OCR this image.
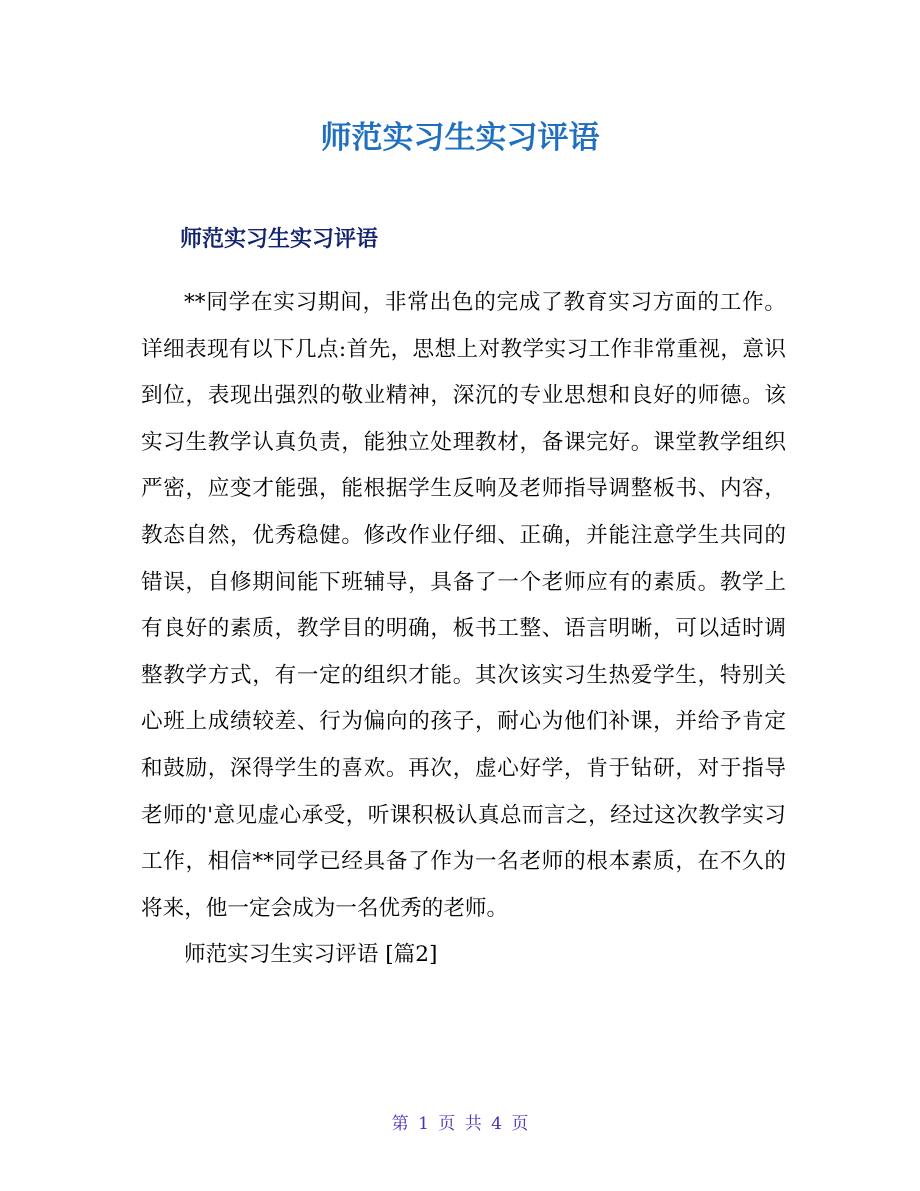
师范实习生实习评语
师范实习生实习评语

**同学在实习期间，非常出色的完成了教育实习方面的工作。详细表现有以下几点:首先，思想上对教学实习工作非常重视，意识到位，表现出强烈的敬业精神，深沉的专业思想和良好的师德。该实习生教学认真负责，能独立处理教材，备课完好。课堂教学组织严密，应变才能强，能根据学生反响及老师指导调整板书、内容，教态自然，优秀稳健。修改作业仔细、正确，并能注意学生共同的错误，自修期间能下班辅导，具备了一个老师应有的素质。教学上有良好的素质，教学目的明确，板书工整、语言明晰，可以适时调整教学方式，有一定的组织才能。其次该实习生热爱学生，特别关心班上成绩较差、行为偏向的孩子，耐心为他们补课，并给予肯定和鼓励，深得学生的喜欢。再次，虚心好学，肯于钻研，对于指导老师的'意见虚心承受，听课积极认真总而言之，经过这次教学实习工作，相信**同学已经具备了作为一名老师的根本素质，在不久的将来，他一定会成为一名优秀的老师。

师范实习生实习评语 [篇2]

第 1 页 共 4 页
